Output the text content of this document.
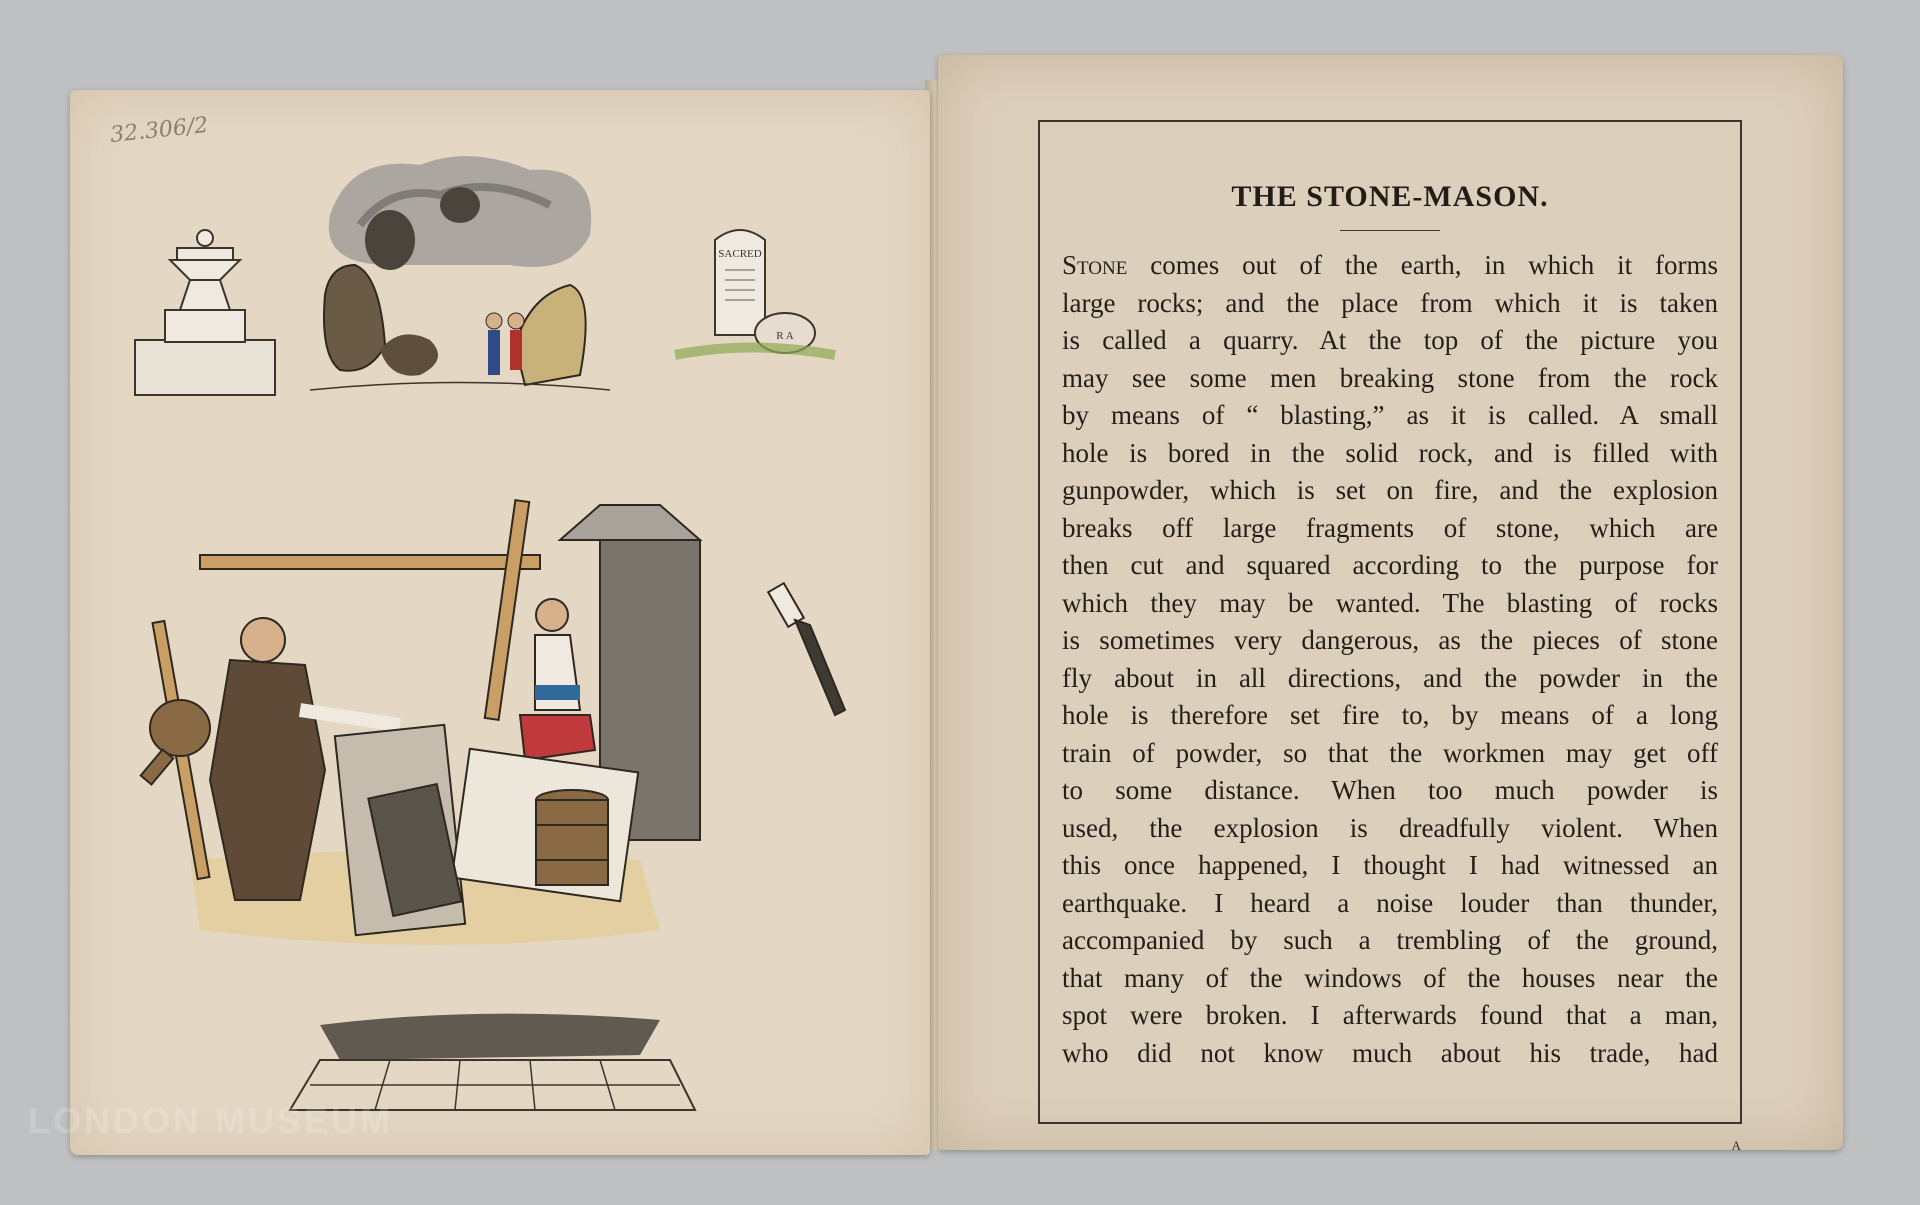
32.306/2
SACRED
R A
THE STONE-MASON.
Stone comes out of the earth, in which it forms
large rocks; and the place from which it is taken
is called a quarry. At the top of the picture you
may see some men breaking stone from the rock
by means of “ blasting,” as it is called. A small
hole is bored in the solid rock, and is filled with
gunpowder, which is set on fire, and the explosion
breaks off large fragments of stone, which are
then cut and squared according to the purpose for
which they may be wanted. The blasting of rocks
is sometimes very dangerous, as the pieces of stone
fly about in all directions, and the powder in the
hole is therefore set fire to, by means of a long
train of powder, so that the workmen may get off
to some distance. When too much powder is
used, the explosion is dreadfully violent. When
this once happened, I thought I had witnessed an
earthquake. I heard a noise louder than thunder,
accompanied by such a trembling of the ground,
that many of the windows of the houses near the
spot were broken. I afterwards found that a man,
who did not know much about his trade, had
A
LONDON MUSEUM
